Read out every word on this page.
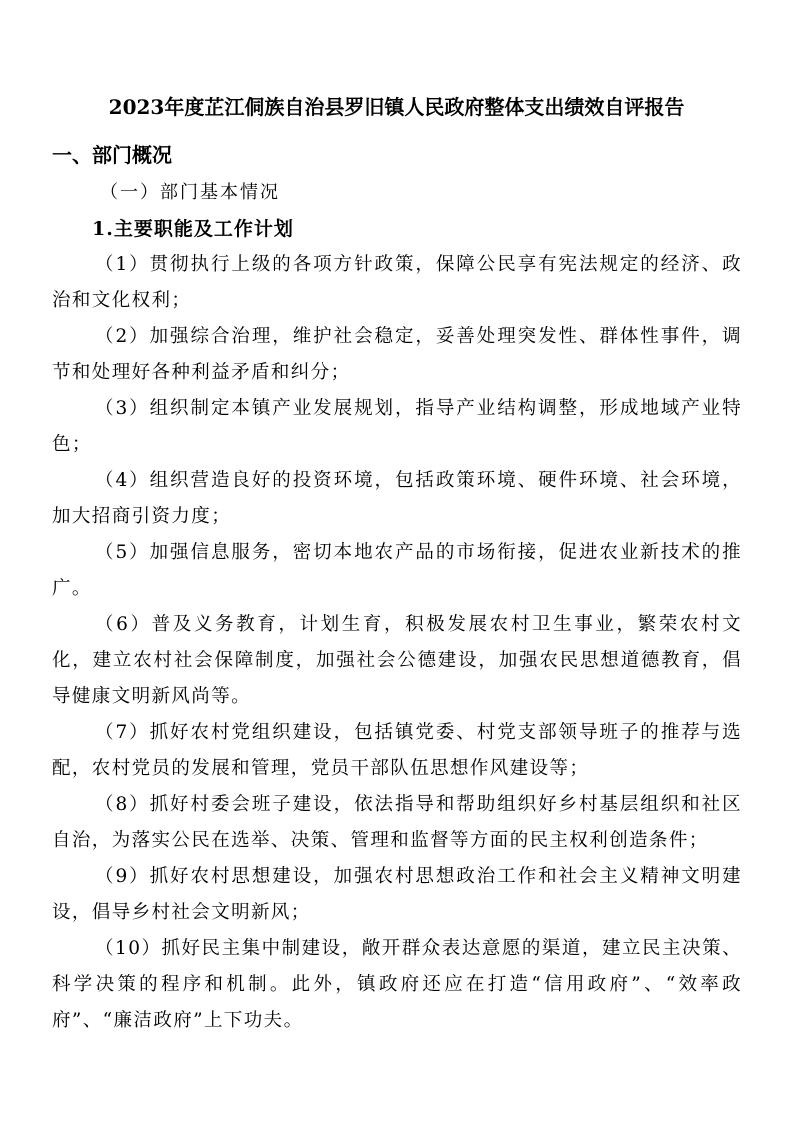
2023年度芷江侗族自治县罗旧镇人民政府整体支出绩效自评报告
一、部门概况
（一）部门基本情况
1.主要职能及工作计划

（1）贯彻执行上级的各项方针政策，保障公民享有宪法规定的经济、政治和文化权利；

（2）加强综合治理，维护社会稳定，妥善处理突发性、群体性事件，调节和处理好各种利益矛盾和纠分；

（3）组织制定本镇产业发展规划，指导产业结构调整，形成地域产业特色；

（4）组织营造良好的投资环境，包括政策环境、硬件环境、社会环境，加大招商引资力度；

（5）加强信息服务，密切本地农产品的市场衔接，促进农业新技术的推广。

（6）普及义务教育，计划生育，积极发展农村卫生事业，繁荣农村文化，建立农村社会保障制度，加强社会公德建设，加强农民思想道德教育，倡导健康文明新风尚等。

（7）抓好农村党组织建设，包括镇党委、村党支部领导班子的推荐与选配，农村党员的发展和管理，党员干部队伍思想作风建设等；

（8）抓好村委会班子建设，依法指导和帮助组织好乡村基层组织和社区自治，为落实公民在选举、决策、管理和监督等方面的民主权利创造条件；

（9）抓好农村思想建设，加强农村思想政治工作和社会主义精神文明建设，倡导乡村社会文明新风；

（10）抓好民主集中制建设，敞开群众表达意愿的渠道，建立民主决策、科学决策的程序和机制。此外，镇政府还应在打造“信用政府”、“效率政府”、“廉洁政府”上下功夫。
